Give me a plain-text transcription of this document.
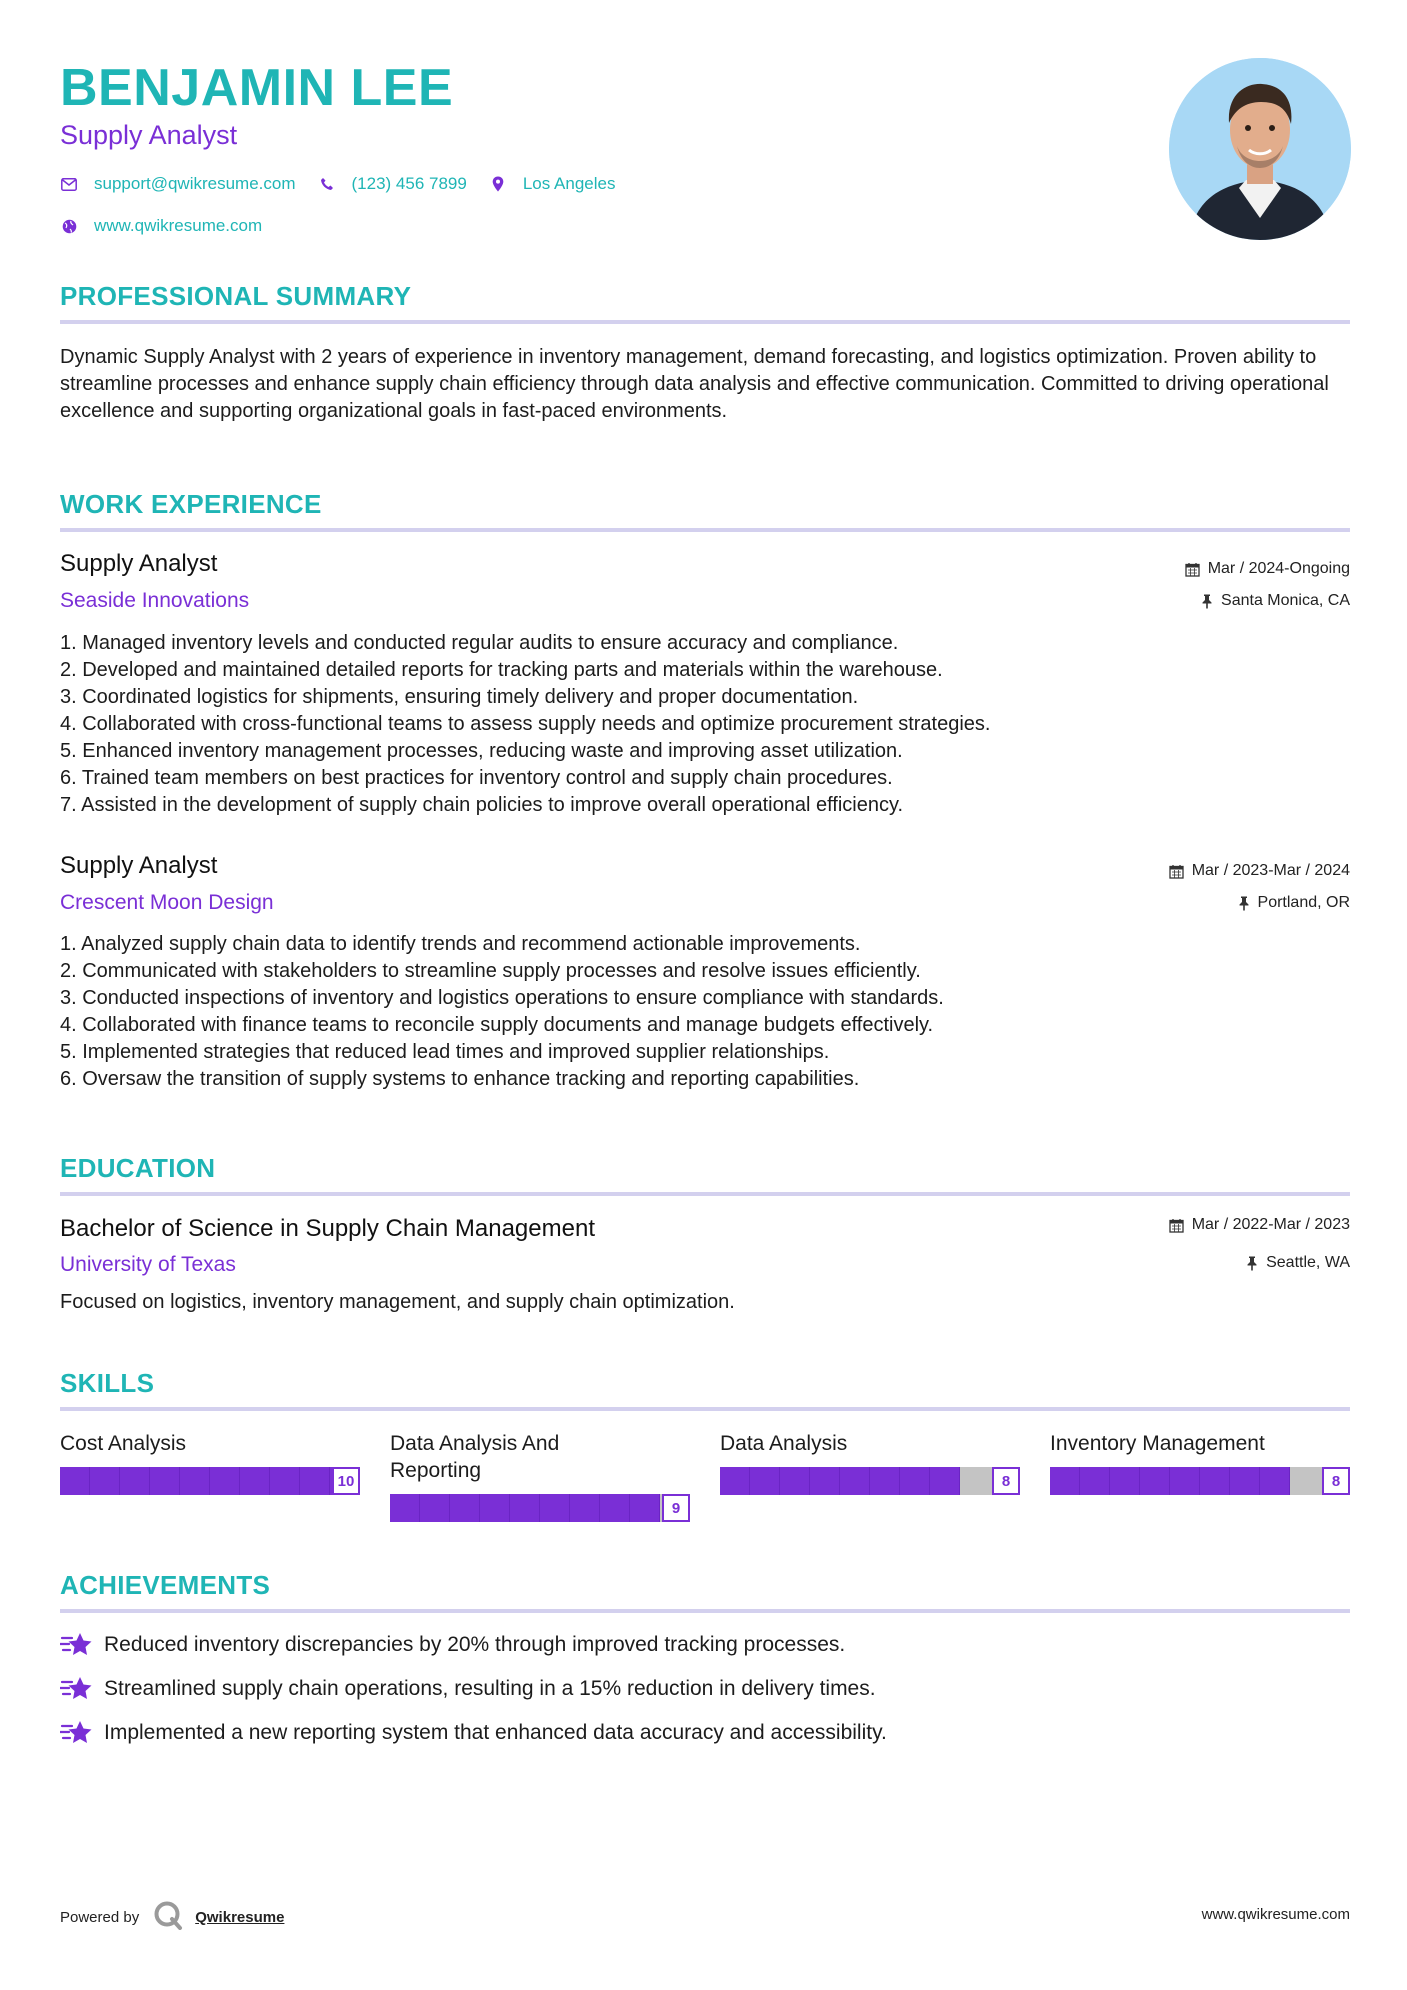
BENJAMIN LEE
Supply Analyst
support@qwikresume.com	(123) 456 7899	Los Angeles
www.qwikresume.com
PROFESSIONAL SUMMARY
Dynamic Supply Analyst with 2 years of experience in inventory management, demand forecasting, and logistics optimization. Proven ability to streamline processes and enhance supply chain efficiency through data analysis and effective communication. Committed to driving operational excellence and supporting organizational goals in fast-paced environments.
WORK EXPERIENCE
Supply Analyst
Seaside Innovations
Mar / 2024-Ongoing
Santa Monica, CA
1. Managed inventory levels and conducted regular audits to ensure accuracy and compliance.
2. Developed and maintained detailed reports for tracking parts and materials within the warehouse.
3. Coordinated logistics for shipments, ensuring timely delivery and proper documentation.
4. Collaborated with cross-functional teams to assess supply needs and optimize procurement strategies.
5. Enhanced inventory management processes, reducing waste and improving asset utilization.
6. Trained team members on best practices for inventory control and supply chain procedures.
7. Assisted in the development of supply chain policies to improve overall operational efficiency.
Supply Analyst
Crescent Moon Design
Mar / 2023-Mar / 2024
Portland, OR
1. Analyzed supply chain data to identify trends and recommend actionable improvements.
2. Communicated with stakeholders to streamline supply processes and resolve issues efficiently.
3. Conducted inspections of inventory and logistics operations to ensure compliance with standards.
4. Collaborated with finance teams to reconcile supply documents and manage budgets effectively.
5. Implemented strategies that reduced lead times and improved supplier relationships.
6. Oversaw the transition of supply systems to enhance tracking and reporting capabilities.
EDUCATION
Bachelor of Science in Supply Chain Management
University of Texas
Mar / 2022-Mar / 2023
Seattle, WA
Focused on logistics, inventory management, and supply chain optimization.
SKILLS
Cost Analysis
10
Data Analysis And Reporting
9
Data Analysis
8
Inventory Management
8
ACHIEVEMENTS
Reduced inventory discrepancies by 20% through improved tracking processes.
Streamlined supply chain operations, resulting in a 15% reduction in delivery times.
Implemented a new reporting system that enhanced data accuracy and accessibility.
Powered by	Qwikresume	www.qwikresume.com
